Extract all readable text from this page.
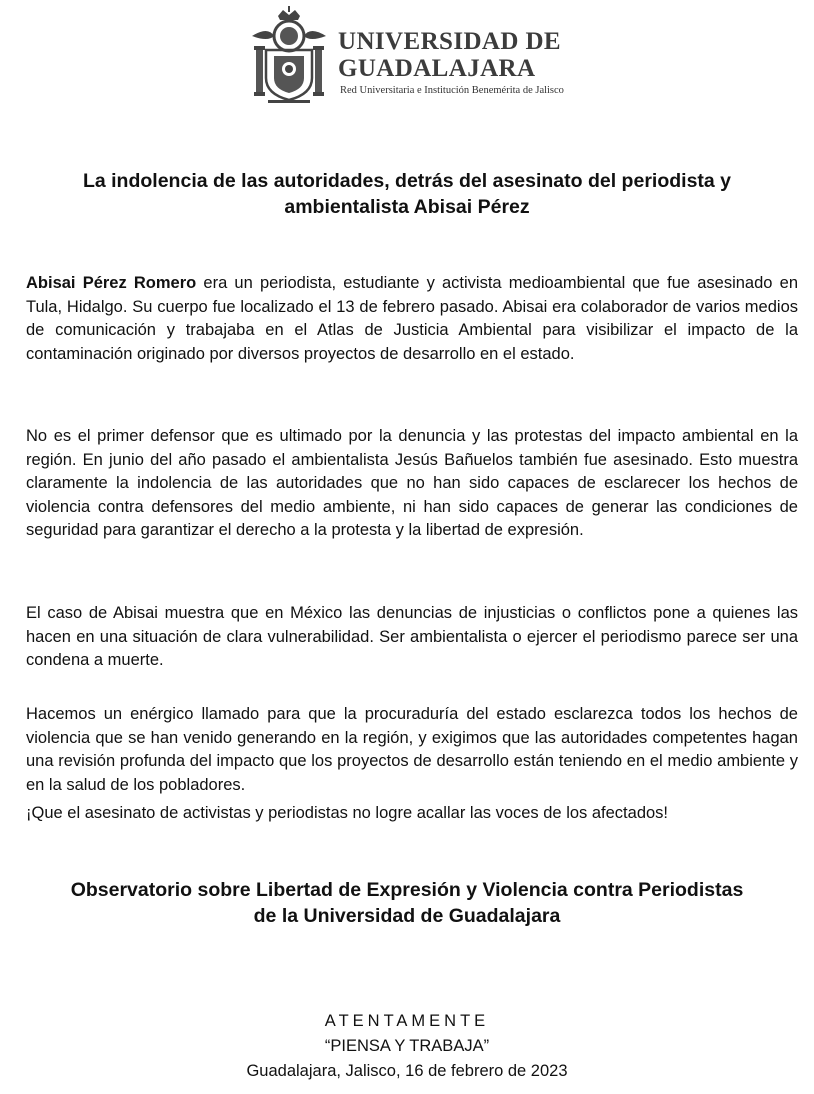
UNIVERSIDAD DE
GUADALAJARA
Red Universitaria e Institución Benemérita de Jalisco
La indolencia de las autoridades, detrás del asesinato del periodista y
ambientalista Abisai Pérez
Abisai Pérez Romero era un periodista, estudiante y activista medioambiental que fue asesinado en Tula, Hidalgo. Su cuerpo fue localizado el 13 de febrero pasado. Abisai era colaborador de varios medios de comunicación y trabajaba en el Atlas de Justicia Ambiental para visibilizar el impacto de la contaminación originado por diversos proyectos de desarrollo en el estado.
No es el primer defensor que es ultimado por la denuncia y las protestas del impacto ambiental en la región. En junio del año pasado el ambientalista Jesús Bañuelos también fue asesinado. Esto muestra claramente la indolencia de las autoridades que no han sido capaces de esclarecer los hechos de violencia contra defensores del medio ambiente, ni han sido capaces de generar las condiciones de seguridad para garantizar el derecho a la protesta y la libertad de expresión.
El caso de Abisai muestra que en México las denuncias de injusticias o conflictos pone a quienes las hacen en una situación de clara vulnerabilidad. Ser ambientalista o ejercer el periodismo parece ser una condena a muerte.
Hacemos un enérgico llamado para que la procuraduría del estado esclarezca todos los hechos de violencia que se han venido generando en la región, y exigimos que las autoridades competentes hagan una revisión profunda del impacto que los proyectos de desarrollo están teniendo en el medio ambiente y en la salud de los pobladores.
¡Que el asesinato de activistas y periodistas no logre acallar las voces de los afectados!
Observatorio sobre Libertad de Expresión y Violencia contra Periodistas
de la Universidad de Guadalajara
ATENTAMENTE
“PIENSA Y TRABAJA”
Guadalajara, Jalisco, 16 de febrero de 2023
